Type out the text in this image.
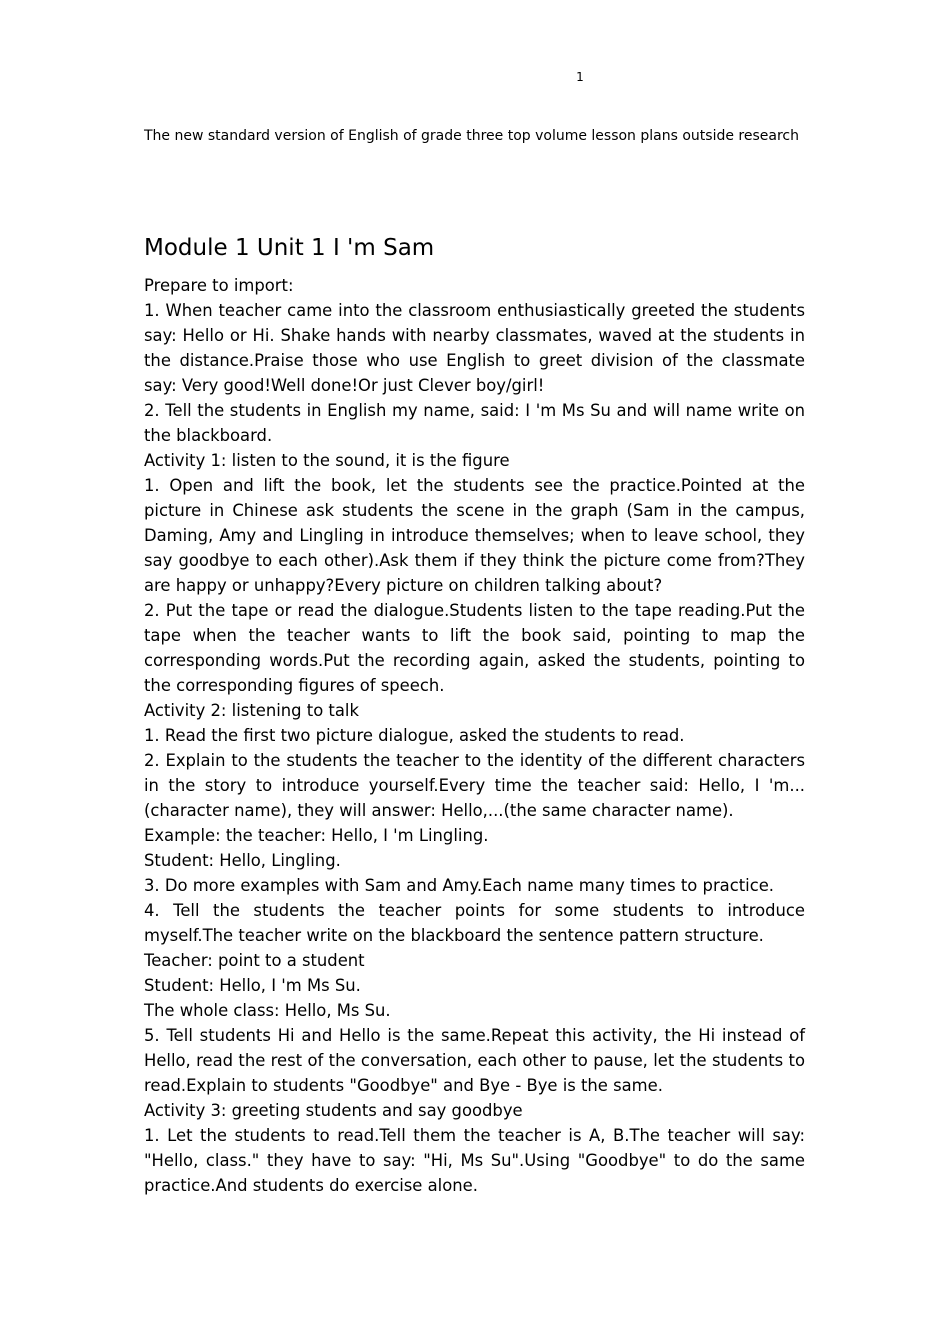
1

The new standard version of English of grade three top volume lesson plans outside research

Module 1 Unit 1 I 'm Sam

Prepare to import:

1. When teacher came into the classroom enthusiastically greeted the students say: Hello or Hi. Shake hands with nearby classmates, waved at the students in the distance.Praise those who use English to greet division of the classmate say: Very good!Well done!Or just Clever boy/girl!

2. Tell the students in English my name, said: I 'm Ms Su and will name write on the blackboard.

Activity 1: listen to the sound, it is the figure

1. Open and lift the book, let the students see the practice.Pointed at the picture in Chinese ask students the scene in the graph (Sam in the campus, Daming, Amy and Lingling in introduce themselves; when to leave school, they say goodbye to each other).Ask them if they think the picture come from?They are happy or unhappy?Every picture on children talking about?

2. Put the tape or read the dialogue.Students listen to the tape reading.Put the tape when the teacher wants to lift the book said, pointing to map the corresponding words.Put the recording again, asked the students, pointing to the corresponding figures of speech.

Activity 2: listening to talk

1. Read the first two picture dialogue, asked the students to read.

2. Explain to the students the teacher to the identity of the different characters in the story to introduce yourself.Every time the teacher said: Hello, I 'm...(character name), they will answer: Hello,...(the same character name).

Example: the teacher: Hello, I 'm Lingling.

Student: Hello, Lingling.

3. Do more examples with Sam and Amy.Each name many times to practice.

4. Tell the students the teacher points for some students to introduce myself.The teacher write on the blackboard the sentence pattern structure.

Teacher: point to a student

Student: Hello, I 'm Ms Su.

The whole class: Hello, Ms Su.

5. Tell students Hi and Hello is the same.Repeat this activity, the Hi instead of Hello, read the rest of the conversation, each other to pause, let the students to read.Explain to students "Goodbye" and Bye - Bye is the same.

Activity 3: greeting students and say goodbye

1. Let the students to read.Tell them the teacher is A, B.The teacher will say: "Hello, class." they have to say: "Hi, Ms Su".Using "Goodbye" to do the same practice.And students do exercise alone.
